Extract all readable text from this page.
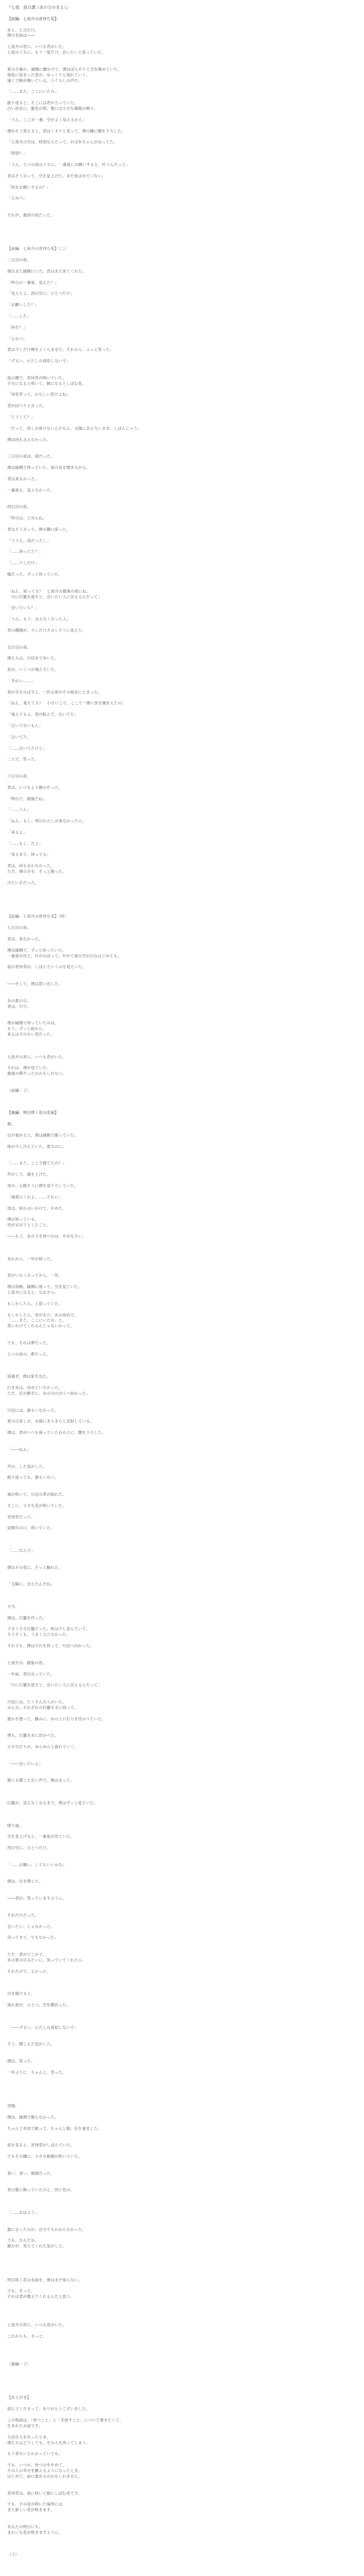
『七夜　前日譚（あのひのまえ）』
【前編：七夜月の宵待ち花】
あと、七日だけ。
僕の名前は――
七夜月の宵に、いつも君がいた。
七夜のうちに、もう一度だけ、会いたいと思っていた。
夏の夕暮れ、縁側に腰かけて、僕はぼんやりと空を眺めていた。
茜色に染まった雲が、ゆっくりと流れていく。
遠くで蝉が鳴いている。ひぐらしの声だ。
「……また、ここにいたの」
振り返ると、そこには君が立っていた。
白い浴衣に、藍色の帯。髪には小さな朝顔の飾り。
「うん。ここが一番、空がよく見えるから」
僕がそう答えると、君はくすりと笑って、僕の隣に腰を下ろした。
「七夜月の空は、特別なんだって。おばあちゃんが言ってた」
「特別？」
「うん。七つの夜のうちに、一番星にお願いすると、叶うんだって」
君はそう言って、空を見上げた。まだ星は出ていない。
「何をお願いするの？」
「ひみつ」
それが、最初の夜だった。
【前編：七夜月の宵待ち花】（二）
二日目の夜。
僕はまた縁側にいた。君はまた来てくれた。
「昨日の一番星、見えた？」
「見えたよ。西の空に、ひとつだけ」
「お願いした？」
「……した」
「何を？」
「ひみつ」
君は少しだけ頬をふくらませた。それから、ふっと笑った。
「ずるい。わたしの真似しないで」
庭の隅で、宵待草が咲いていた。
夕方になると咲いて、朝になるとしぼむ花。
「待宵草って、かなしい花だよね」
君がぽつりと言った。
「どうして？」
「だって、夜しか咲けないんだもん。太陽に会えないまま、しぼんじゃう」
僕は何も言えなかった。
三日目の夜は、雨だった。
僕は縁側で待っていた。雨の音を聞きながら。
君は来なかった。
一番星も、見えなかった。
四日目の夜。
「昨日は、ごめんね」
君はそう言って、僕の隣に座った。
「ううん。雨だったし」
「……待ってた？」
「……少しだけ」
嘘だった。ずっと待っていた。
「ねえ、知ってる？　七夜月の最後の夜にね、
　川に灯籠を流すと、会いたい人に会えるんだって」
「会いたい人？」
「うん。もう、会えなくなった人」
君の横顔が、少しだけさみしそうに見えた。
五日目の夜。
僕たちは、川辺まで歩いた。
蛍が、いくつか飛んでいた。
「きれい……」
君が手をのばすと、一匹の蛍がその指先にとまった。
「ねえ、覚えてる？　小さいころ、ここで一緒に蛍を捕まえたの」
「覚えてるよ。君が転んで、泣いてた」
「泣いてないもん」
「泣いてた」
「……泣いてたけど」
二人で、笑った。
六日目の夜。
君は、いつもより静かだった。
「明日で、最後だね」
「……うん」
「ねえ。もし、明日わたしが来なかったら」
「来るよ」
「……もし、だよ」
「来るまで、待ってる」
君は、何も言わなかった。
ただ、僕の手を、そっと握った。
冷たい手だった。
【前編：七夜月の宵待ち花】（終）
七日目の夜。
君は、来なかった。
僕は縁側で、ずっと待っていた。
一番星が出て、月がのぼって、やがて東の空が白みはじめても。
庭の宵待草が、しぼんでいくのを見ていた。
――そして、僕は思い出した。
あの夏の日。
君は、川で。
僕が縁側で待っていたのは、
もう、ずっと前から、
来るはずのない君だった。
七夜月の宵に、いつも君がいた。
それは、僕が見ていた、
最後の夢だったのかもしれない。
（前編・了）
【後編：明日咲く花の名前】
朝。
目が覚めると、僕は縁側で眠っていた。
体が少し冷えていた。夏なのに。
「……また、ここで寝てたの？」
声がして、顔を上げた。
母が、心配そうに僕を見下ろしていた。
「風邪ひくわよ。……それに」
母は、何か言いかけて、やめた。
僕は知っている。
母が言おうとしたこと。
――もう、あの子を待つのは、やめなさい。
あれから、一年が経った。
君がいなくなってから、一年。
僕は毎晩、縁側に座って、空を見ていた。
七夜月になると、なおさら。
もしかしたら、と思っていた。
もしかしたら、君がまた、あの浴衣で、
「……また、ここにいたの」と、
笑いかけてくれるんじゃないかって。
でも、それは夢だった。
七つの夜の、夢だった。
昼過ぎ、僕は家を出た。
行き先は、決めていなかった。
ただ、足が勝手に、あの川のほうへ向かった。
川辺には、誰もいなかった。
夏の日差しが、水面にきらきらと反射している。
僕は、君がいつも座っていた石の上に、腰を下ろした。
「――ねえ」
声が、した気がした。
振り返っても、誰もいない。
風が吹いて、川辺の草が揺れた。
そこに、小さな花が咲いていた。
宵待草だった。
昼間なのに、咲いていた。
「……なんで」
僕はその花に、そっと触れた。
「太陽に、会えたんだね」
夕方。
僕は、灯籠を作った。
下手くそな灯籠だった。紙は少し歪んでいて、
ろうそくも、うまく立たなかった。
それでも、僕はそれを持って、川辺へ向かった。
七夜月の、最後の夜。
一年前、君が言っていた。
「川に灯籠を流すと、会いたい人に会えるんだって」
川辺には、たくさんの人がいた。
みんな、それぞれの灯籠を手に持って。
誰かを想って、静かに、水の上に灯りを浮かべていた。
僕も、灯籠を水に浮かべた。
小さな灯りが、ゆらゆらと流れていく。
「――会いたいよ」
誰にも聞こえない声で、僕は言った。
灯籠が、見えなくなるまで、僕はずっと見ていた。
帰り道。
空を見上げると、一番星が出ていた。
西の空に、ひとつだけ。
「……お願い、してもいいかな」
僕は、目を閉じた。
――君が、笑っていますように。
それだけだった。
会いたい、じゃなかった。
戻ってきて、でもなかった。
ただ、君がどこかで、
あの夏の日みたいに、笑っていてくれたら。
それだけで、よかった。
目を開けると、
流れ星が、ひとつ、空を横切った。
「――ずるい。わたしの真似しないで」
そう、聞こえた気がした。
僕は、笑った。
一年ぶりに、ちゃんと、笑った。
翌朝。
僕は、縁側で眠らなかった。
ちゃんと布団で眠って、ちゃんと朝、目を覚ました。
庭を見ると、宵待草がしぼんでいた。
でもその隣に、小さな朝顔が咲いていた。
青い、青い、朝顔だった。
君の髪に飾っていたのと、同じ色の。
「……おはよう」
誰に言ったのか、自分でもわからなかった。
でも、なんだか、
誰かが、答えてくれた気がした。
明日咲く花の名前を、僕はまだ知らない。
でも、きっと、
それは君が教えてくれるんだと思う。
七夜月の宵に、いつも君がいた。
これからも、きっと。
（後編・了）
【あとがき】
読んでくださって、ありがとうございました。
この物語は、「待つこと」と「手放すこと」について書きたくて、
生まれたお話です。
大切な人を失ったとき、
僕たちはどうしても、その人を待ってしまう。
もう来ないとわかっていても。
でも、いつか、待つのをやめて、
その人の幸せを願えるようになったとき、
はじめて、前に進めるのかもしれません。
宵待草は、夜に咲いて朝にしぼむ花です。
でも、その花が咲いた場所には、
また新しい花が咲きます。
あなたの明日にも、
きれいな花が咲きますように。
（了）
